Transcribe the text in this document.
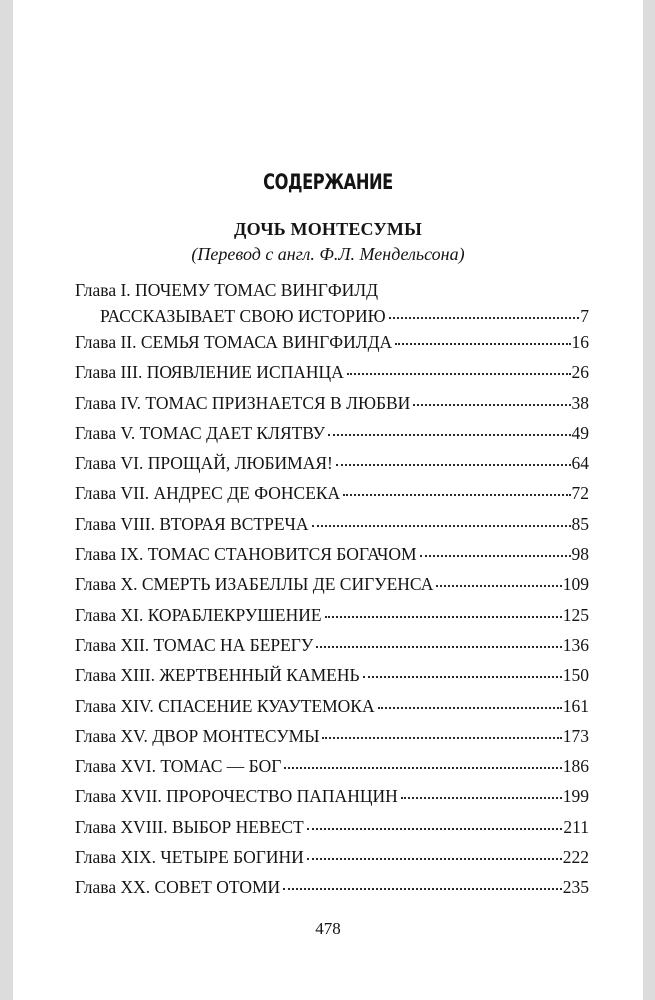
СОДЕРЖАНИЕ
ДОЧЬ МОНТЕСУМЫ
(Перевод с англ. Ф.Л. Мендельсона)
Глава I. ПОЧЕМУ ТОМАС ВИНГФИЛД
РАССКАЗЫВАЕТ СВОЮ ИСТОРИЮ	7
Глава II. СЕМЬЯ ТОМАСА ВИНГФИЛДА	16
Глава III. ПОЯВЛЕНИЕ ИСПАНЦА	26
Глава IV. ТОМАС ПРИЗНАЕТСЯ В ЛЮБВИ	38
Глава V. ТОМАС ДАЕТ КЛЯТВУ	49
Глава VI. ПРОЩАЙ, ЛЮБИМАЯ!	64
Глава VII. АНДРЕС ДЕ ФОНСЕКА	72
Глава VIII. ВТОРАЯ ВСТРЕЧА	85
Глава IX. ТОМАС СТАНОВИТСЯ БОГАЧОМ	98
Глава X. СМЕРТЬ ИЗАБЕЛЛЫ ДЕ СИГУЕНСА	109
Глава XI. КОРАБЛЕКРУШЕНИЕ	125
Глава XII. ТОМАС НА БЕРЕГУ	136
Глава XIII. ЖЕРТВЕННЫЙ КАМЕНЬ	150
Глава XIV. СПАСЕНИЕ КУАУТЕМОКА	161
Глава XV. ДВОР МОНТЕСУМЫ	173
Глава XVI. ТОМАС — БОГ	186
Глава XVII. ПРОРОЧЕСТВО ПАПАНЦИН	199
Глава XVIII. ВЫБОР НЕВЕСТ	211
Глава XIX. ЧЕТЫРЕ БОГИНИ	222
Глава XX. СОВЕТ ОТОМИ	235
478
